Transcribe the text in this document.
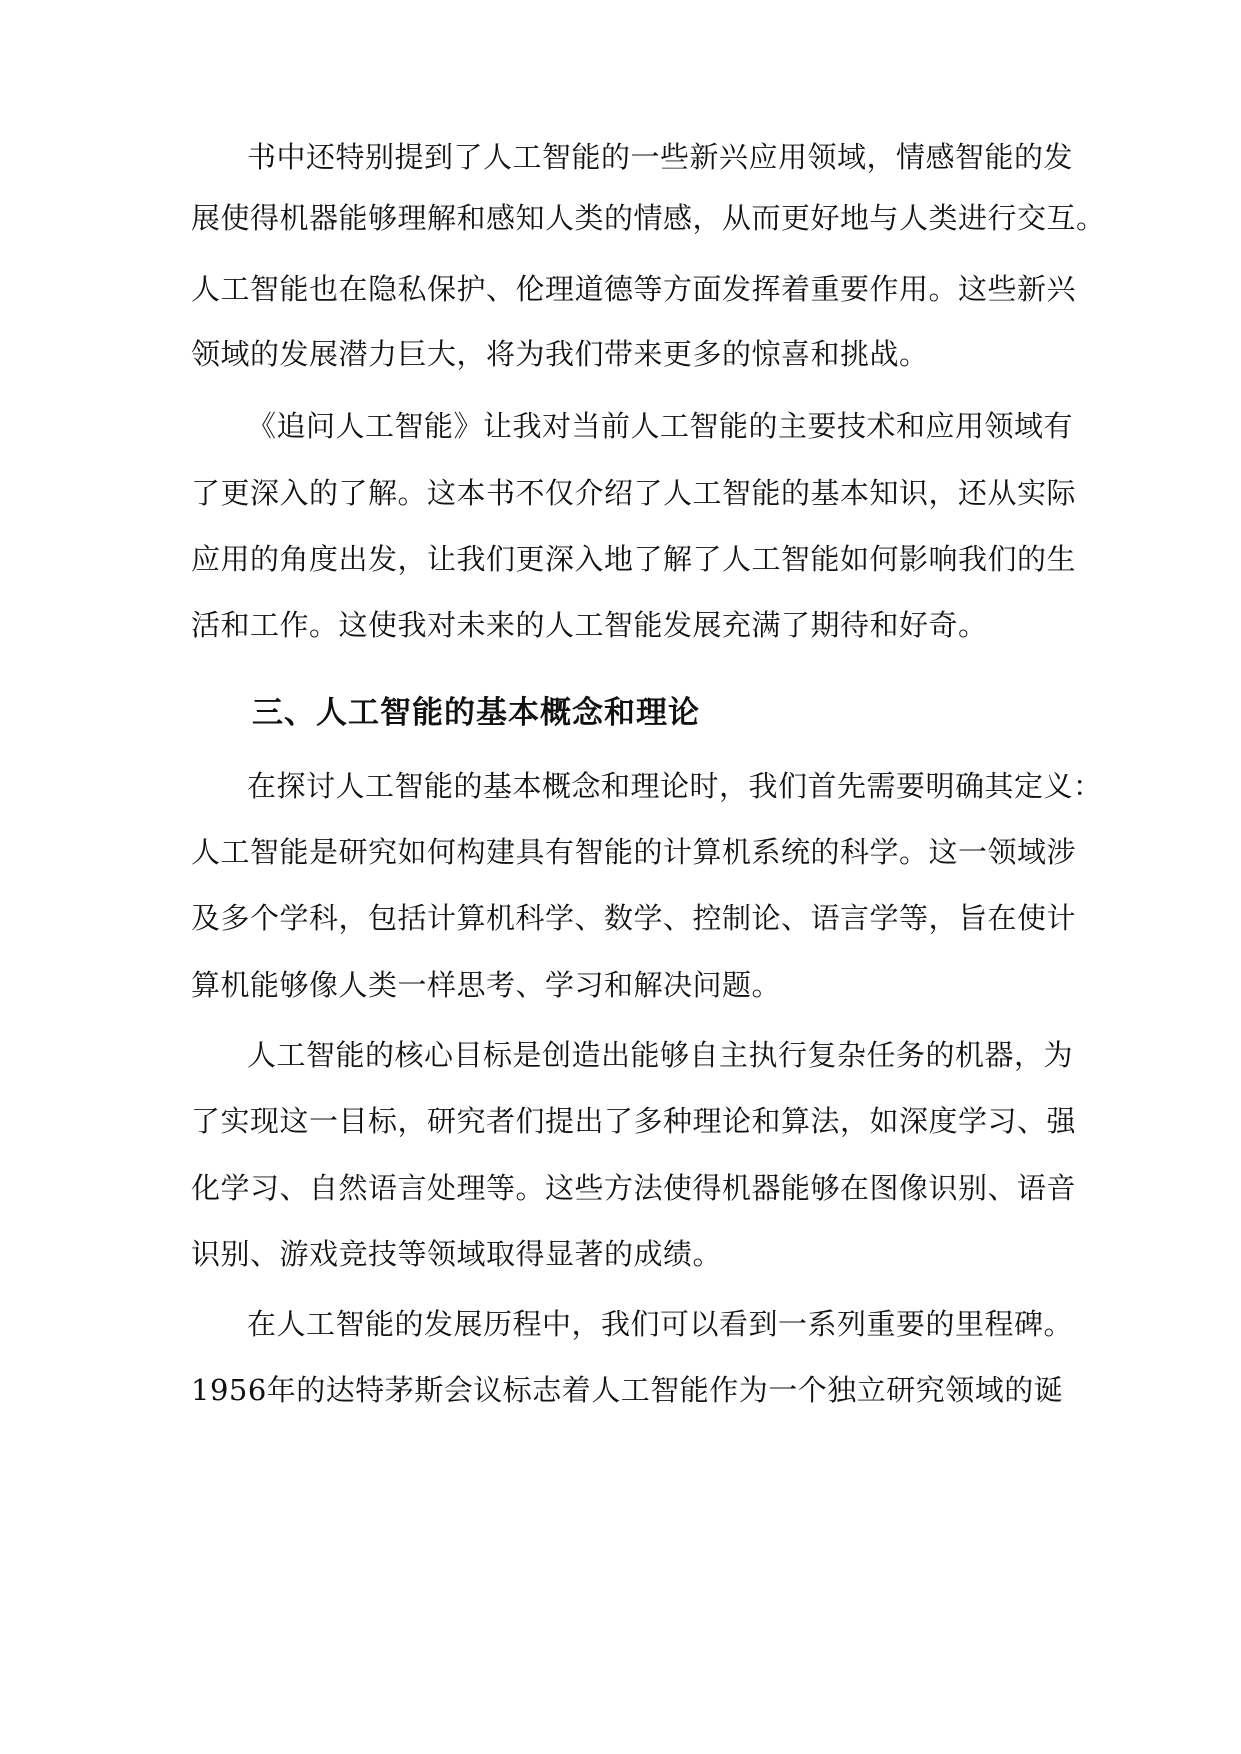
书中还特别提到了人工智能的一些新兴应用领域，情感智能的发

展使得机器能够理解和感知人类的情感，从而更好地与人类进行交互。

人工智能也在隐私保护、伦理道德等方面发挥着重要作用。这些新兴

领域的发展潜力巨大，将为我们带来更多的惊喜和挑战。

《追问人工智能》让我对当前人工智能的主要技术和应用领域有

了更深入的了解。这本书不仅介绍了人工智能的基本知识，还从实际

应用的角度出发，让我们更深入地了解了人工智能如何影响我们的生

活和工作。这使我对未来的人工智能发展充满了期待和好奇。

三、人工智能的基本概念和理论

在探讨人工智能的基本概念和理论时，我们首先需要明确其定义：

人工智能是研究如何构建具有智能的计算机系统的科学。这一领域涉

及多个学科，包括计算机科学、数学、控制论、语言学等，旨在使计

算机能够像人类一样思考、学习和解决问题。

人工智能的核心目标是创造出能够自主执行复杂任务的机器，为

了实现这一目标，研究者们提出了多种理论和算法，如深度学习、强

化学习、自然语言处理等。这些方法使得机器能够在图像识别、语音

识别、游戏竞技等领域取得显著的成绩。

在人工智能的发展历程中，我们可以看到一系列重要的里程碑。

1956年的达特茅斯会议标志着人工智能作为一个独立研究领域的诞
